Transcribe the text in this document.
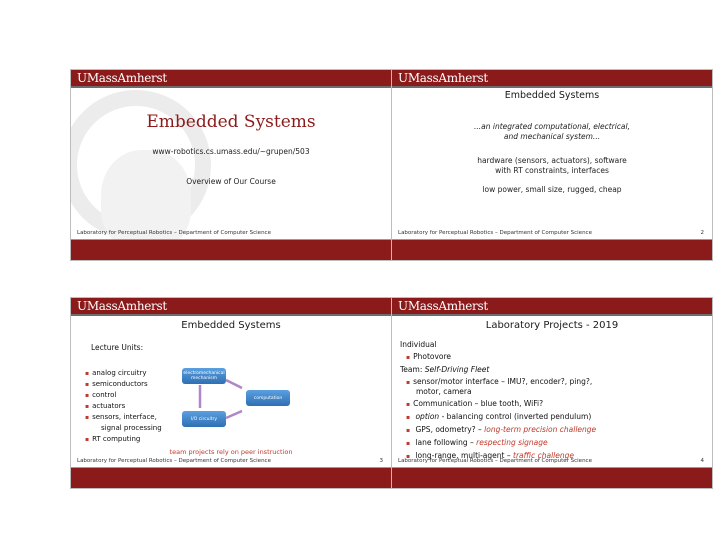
UMassAmherst
Embedded Systems
www-robotics.cs.umass.edu/~grupen/503
Overview of Our Course
Laboratory for Perceptual Robotics – Department of Computer Science
UMassAmherst
Embedded Systems
...an integrated computational, electrical,
and mechanical system...
hardware (sensors, actuators), software
with RT constraints, interfaces
low power, small size, rugged, cheap
Laboratory for Perceptual Robotics – Department of Computer Science	2
UMassAmherst
Embedded Systems
Lecture Units:
▪ analog circuitry
▪ semiconductors
▪ control
▪ actuators
▪ sensors, interface,
signal processing
▪ RT computing
electromechanical mechanism
computation
I/O circuitry
team projects rely on peer instruction
Laboratory for Perceptual Robotics – Department of Computer Science	3
UMassAmherst
Laboratory Projects - 2019
Individual
▪ Photovore
Team: Self-Driving Fleet
▪ sensor/motor interface – IMU?, encoder?, ping?,
motor, camera
▪ Communication – blue tooth, WiFi?
▪ option - balancing control (inverted pendulum)
▪ GPS, odometry? – long-term precision challenge
▪ lane following – respecting signage
▪ long-range, multi-agent – traffic challenge
Laboratory for Perceptual Robotics – Department of Computer Science	4
